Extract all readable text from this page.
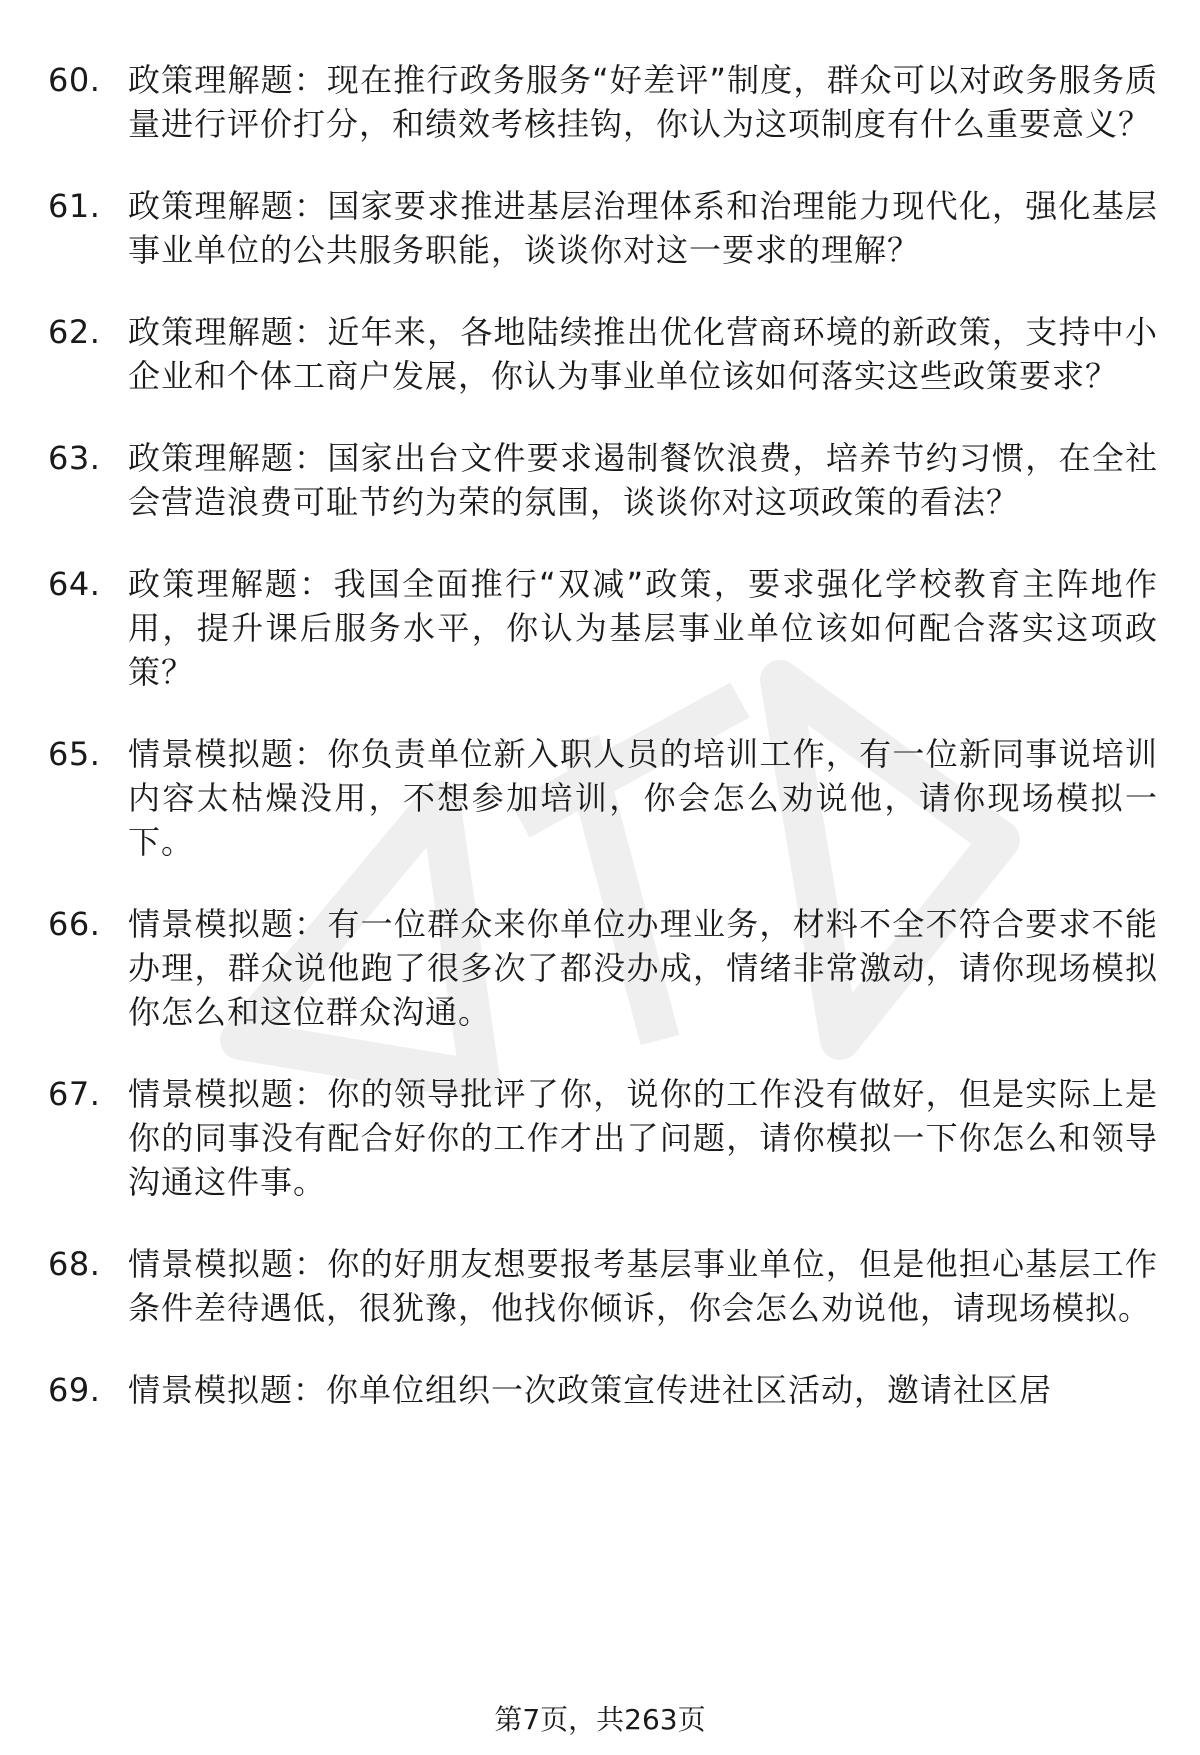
60. 政策理解题：现在推行政务服务“好差评”制度，群众可以对政务服务质量进行评价打分，和绩效考核挂钩，你认为这项制度有什么重要意义？
61. 政策理解题：国家要求推进基层治理体系和治理能力现代化，强化基层事业单位的公共服务职能，谈谈你对这一要求的理解？
62. 政策理解题：近年来，各地陆续推出优化营商环境的新政策，支持中小企业和个体工商户发展，你认为事业单位该如何落实这些政策要求？
63. 政策理解题：国家出台文件要求遏制餐饮浪费，培养节约习惯，在全社会营造浪费可耻节约为荣的氛围，谈谈你对这项政策的看法？
64. 政策理解题：我国全面推行“双减”政策，要求强化学校教育主阵地作用，提升课后服务水平，你认为基层事业单位该如何配合落实这项政策？
65. 情景模拟题：你负责单位新入职人员的培训工作，有一位新同事说培训内容太枯燥没用，不想参加培训，你会怎么劝说他，请你现场模拟一下。
66. 情景模拟题：有一位群众来你单位办理业务，材料不全不符合要求不能办理，群众说他跑了很多次了都没办成，情绪非常激动，请你现场模拟你怎么和这位群众沟通。
67. 情景模拟题：你的领导批评了你，说你的工作没有做好，但是实际上是你的同事没有配合好你的工作才出了问题，请你模拟一下你怎么和领导沟通这件事。
68. 情景模拟题：你的好朋友想要报考基层事业单位，但是他担心基层工作条件差待遇低，很犹豫，他找你倾诉，你会怎么劝说他，请现场模拟。
69. 情景模拟题：你单位组织一次政策宣传进社区活动，邀请社区居
第7页，共263页
